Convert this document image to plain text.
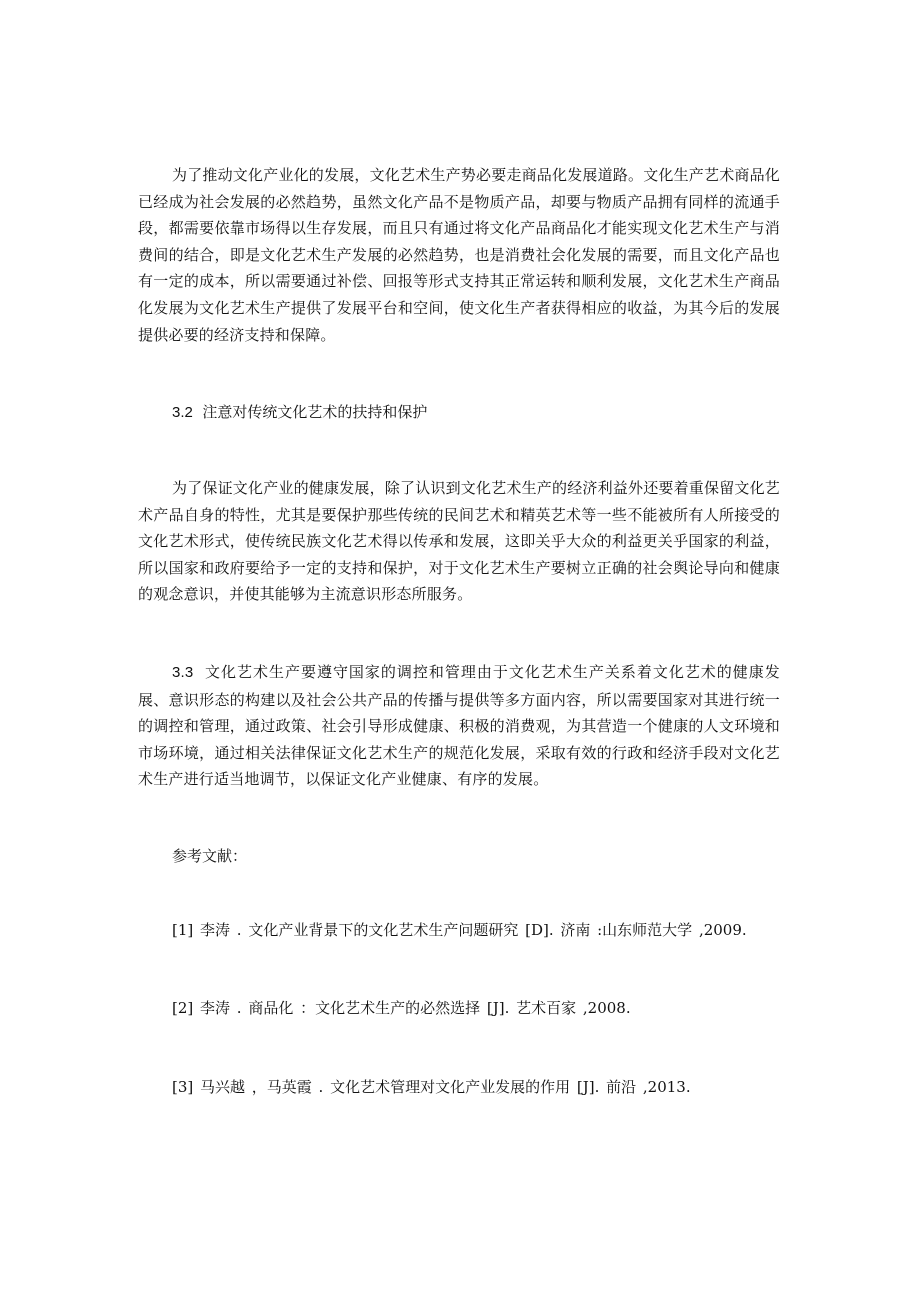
为了推动文化产业化的发展，文化艺术生产势必要走商品化发展道路。文化生产艺术商品化已经成为社会发展的必然趋势，虽然文化产品不是物质产品，却要与物质产品拥有同样的流通手段，都需要依靠市场得以生存发展，而且只有通过将文化产品商品化才能实现文化艺术生产与消费间的结合，即是文化艺术生产发展的必然趋势，也是消费社会化发展的需要，而且文化产品也有一定的成本，所以需要通过补偿、回报等形式支持其正常运转和顺利发展，文化艺术生产商品化发展为文化艺术生产提供了发展平台和空间，使文化生产者获得相应的收益，为其今后的发展提供必要的经济支持和保障。

3.2 注意对传统文化艺术的扶持和保护

为了保证文化产业的健康发展，除了认识到文化艺术生产的经济利益外还要着重保留文化艺术产品自身的特性，尤其是要保护那些传统的民间艺术和精英艺术等一些不能被所有人所接受的文化艺术形式，使传统民族文化艺术得以传承和发展，这即关乎大众的利益更关乎国家的利益，所以国家和政府要给予一定的支持和保护，对于文化艺术生产要树立正确的社会舆论导向和健康的观念意识，并使其能够为主流意识形态所服务。

3.3 文化艺术生产要遵守国家的调控和管理由于文化艺术生产关系着文化艺术的健康发展、意识形态的构建以及社会公共产品的传播与提供等多方面内容，所以需要国家对其进行统一的调控和管理，通过政策、社会引导形成健康、积极的消费观，为其营造一个健康的人文环境和市场环境，通过相关法律保证文化艺术生产的规范化发展，采取有效的行政和经济手段对文化艺术生产进行适当地调节，以保证文化产业健康、有序的发展。

参考文献：

[1] 李涛 . 文化产业背景下的文化艺术生产问题研究 [D]. 济南 :山东师范大学 ,2009.

[2] 李涛 . 商品化 ：文化艺术生产的必然选择 [J]. 艺术百家 ,2008.

[3] 马兴越 ，马英霞 . 文化艺术管理对文化产业发展的作用 [J]. 前沿 ,2013.
